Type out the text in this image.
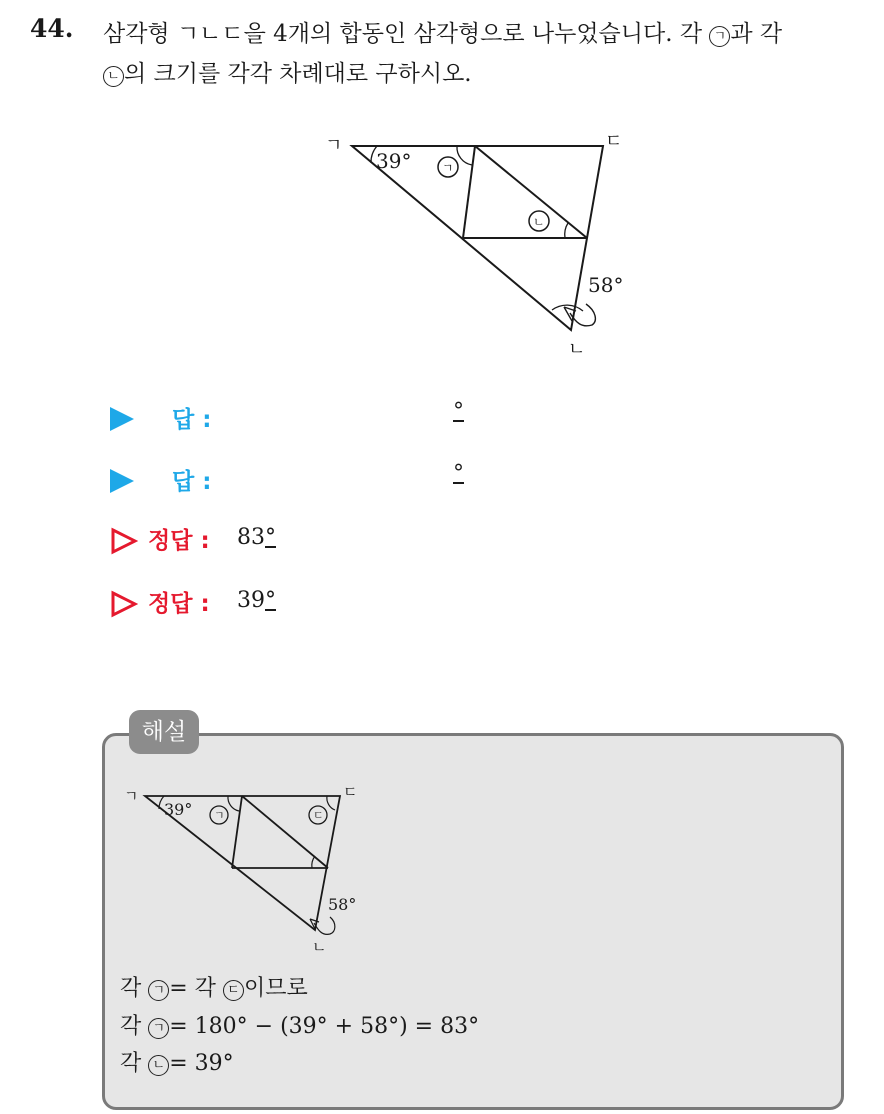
44. 삼각형 ㄱㄴㄷ을 4개의 합동인 삼각형으로 나누었습니다. 각 ㄱ 과 각
ㄴ 의 크기를 각각 차례대로 구하시오.
ㄱ	ㄷ
ㄴ
39°
58°
ㄱ
ㄴ
답 :	°
답 :	°
정답 : 83°
정답 : 39°
해설
ㄱ	ㄷ
ㄴ
39°
58°
ㄱ	ㄷ
각 ㄱ = 각 ㄷ 이므로
각 ㄱ = 180° − (39° + 58°) = 83°
각 ㄴ = 39°
